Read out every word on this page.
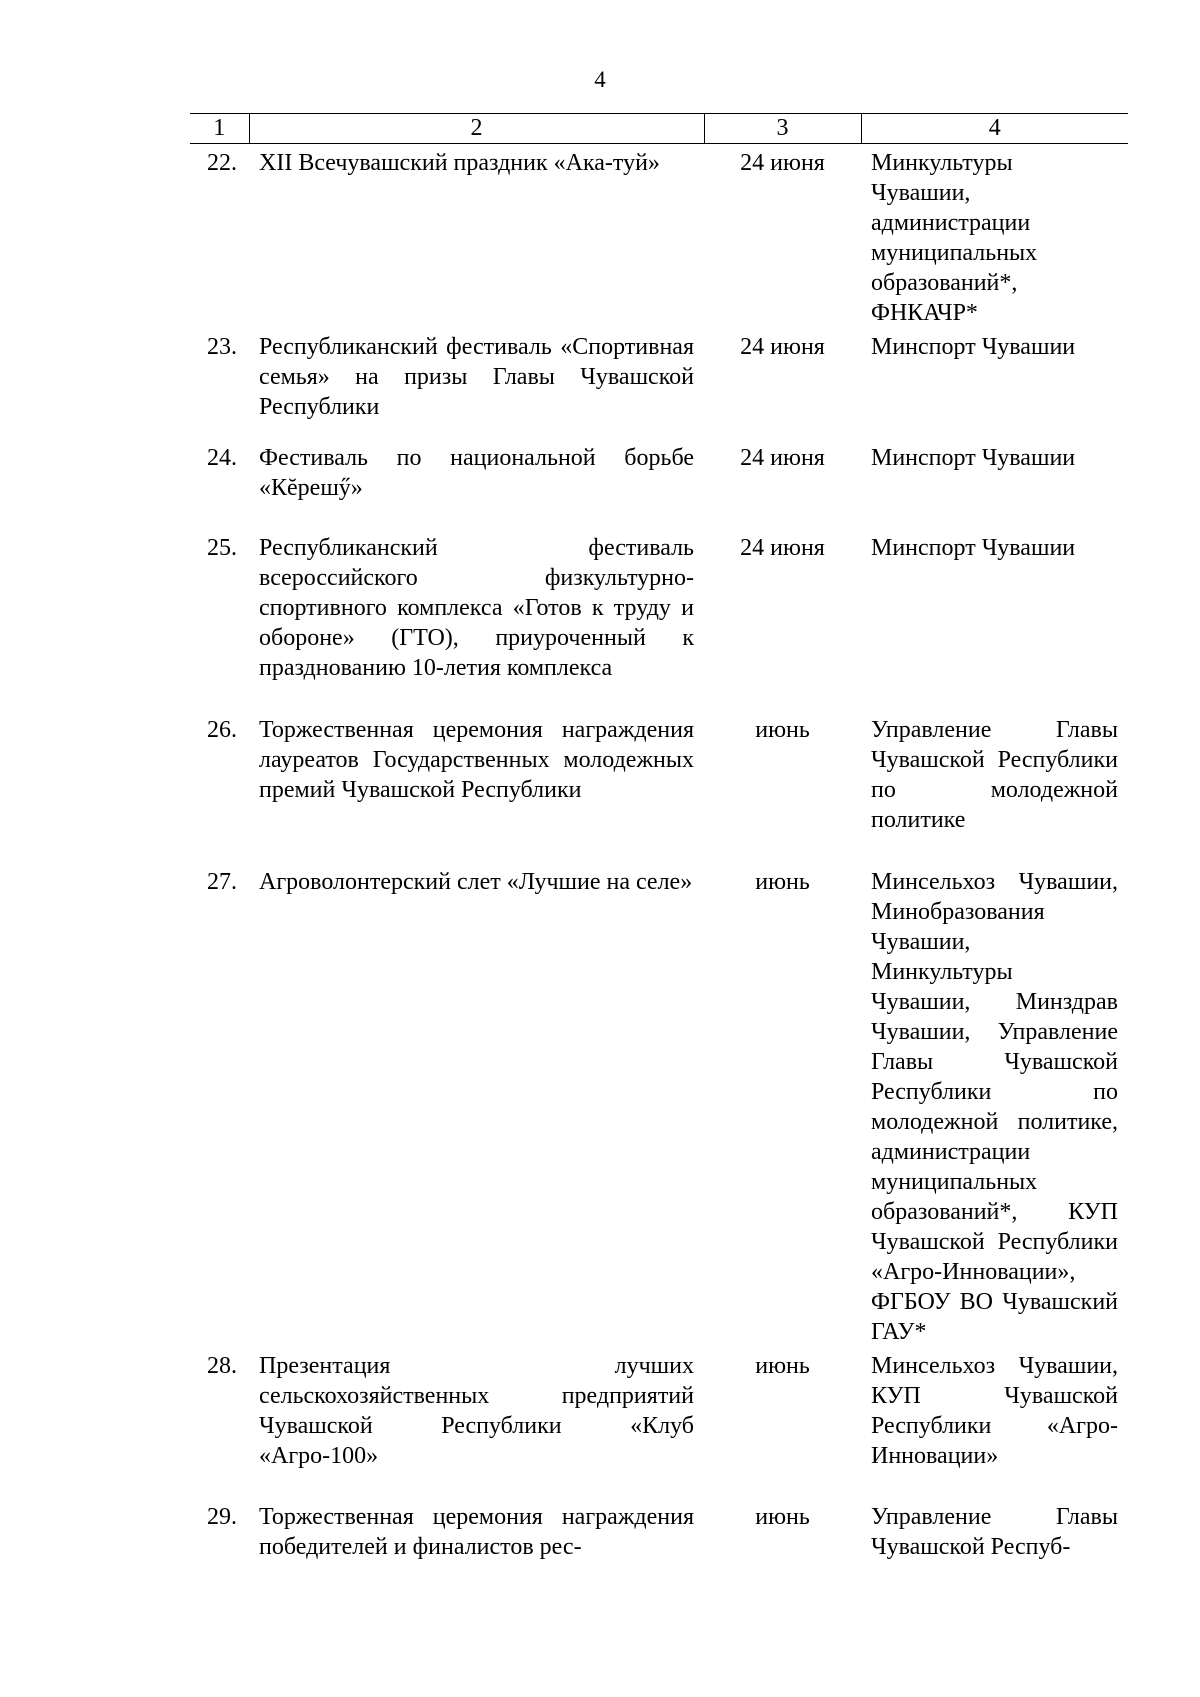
4
1	2	3	4
22.	XII Всечувашский праздник «Ака-туй»	24 июня	Минкультуры Чувашии, администрации муниципальных образований*, ФНКАЧР*
23.	Республиканский фестиваль «Спортивная семья» на призы Главы Чувашской Республики	24 июня	Минспорт Чувашии
24.	Фестиваль по национальной борьбе «Кĕрешӳ»	24 июня	Минспорт Чувашии
25.	Республиканский фестиваль всероссийского физкультурно-спортивного комплекса «Готов к труду и обороне» (ГТО), приуроченный к празднованию 10-летия комплекса	24 июня	Минспорт Чувашии
26.	Торжественная церемония награждения лауреатов Государственных молодежных премий Чувашской Республики	июнь	Управление Главы Чувашской Республики по молодежной политике
27.	Агроволонтерский слет «Лучшие на селе»	июнь	Минсельхоз Чувашии, Минобразования Чувашии, Минкультуры Чувашии, Минздрав Чувашии, Управление Главы Чувашской Республики по молодежной политике, администрации муниципальных образований*, КУП Чувашской Республики «Агро-Инновации», ФГБОУ ВО Чувашский ГАУ*
28.	Презентация лучших сельскохозяйственных предприятий Чувашской Республики «Клуб «Агро-100»	июнь	Минсельхоз Чувашии, КУП Чувашской Республики «Агро-Инновации»
29.	Торжественная церемония награждения победителей и финалистов рес-	июнь	Управление Главы Чувашской Респуб-
